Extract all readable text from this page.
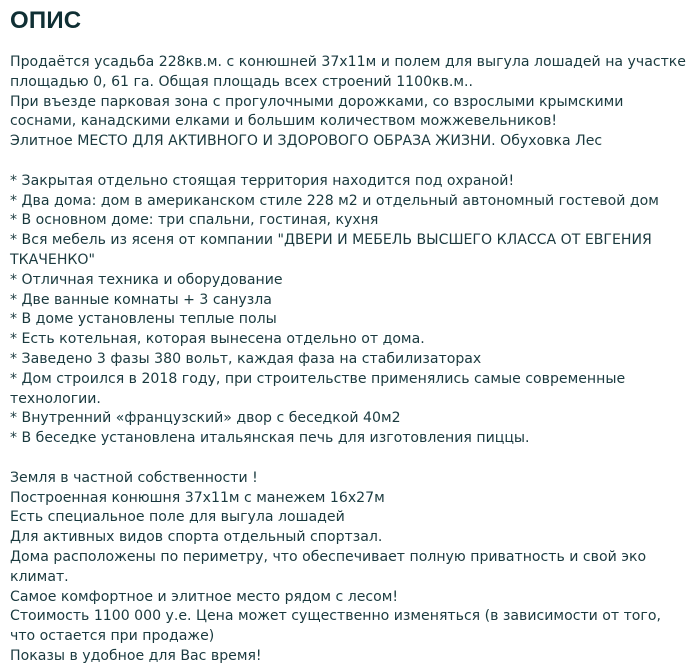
ОПИС
Продаётся усадьба 228кв.м. с конюшней 37х11м и полем для выгула лошадей на участке площадью 0, 61 га. Общая площадь всех строений 1100кв.м..
При въезде парковая зона с прогулочными дорожками, со взрослыми крымскими соснами, канадскими елками и большим количеством можжевельников!
Элитное МЕСТО ДЛЯ АКТИВНОГО И ЗДОРОВОГО ОБРАЗА ЖИЗНИ. Обуховка Лес
* Закрытая отдельно стоящая территория находится под охраной!
* Два дома: дом в американском стиле 228 м2 и отдельный автономный гостевой дом
* В основном доме: три спальни, гостиная, кухня
* Вся мебель из ясеня от компании "ДВЕРИ И МЕБЕЛЬ ВЫСШЕГО КЛАССА ОТ ЕВГЕНИЯ ТКАЧЕНКО"
* Отличная техника и оборудование
* Две ванные комнаты + 3 санузла
* В доме установлены теплые полы
* Есть котельная, которая вынесена отдельно от дома.
* Заведено 3 фазы 380 вольт, каждая фаза на стабилизаторах
* Дом строился в 2018 году, при строительстве применялись самые современные технологии.
* Внутренний «французский» двор с беседкой 40м2
* В беседке установлена итальянская печь для изготовления пиццы.
Земля в частной собственности !
Построенная конюшня 37х11м с манежем 16х27м
Есть специальное поле для выгула лошадей
Для активных видов спорта отдельный спортзал.
Дома расположены по периметру, что обеспечивает полную приватность и свой эко климат.
Самое комфортное и элитное место рядом с лесом!
Стоимость 1100 000 у.е. Цена может существенно изменяться (в зависимости от того, что остается при продаже)
Показы в удобное для Вас время!
